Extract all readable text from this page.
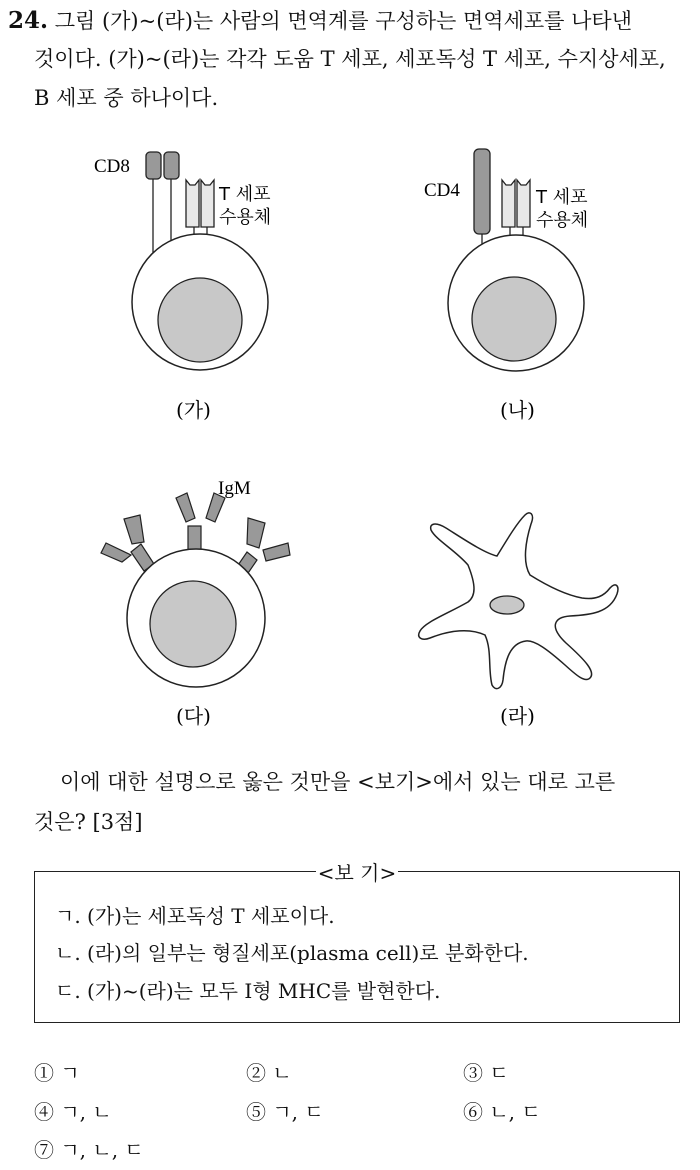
24. 그림 (가)~(라)는 사람의 면역계를 구성하는 면역세포를 나타낸
것이다. (가)~(라)는 각각 도움 T 세포, 세포독성 T 세포, 수지상세포,
B 세포 중 하나이다.
CD8
T 세포
수용체
(가)
CD4	T 세포
수용체
(나)
IgM
(다)	(라)
이에 대한 설명으로 옳은 것만을 <보기>에서 있는 대로 고른
것은? [3점]
<보 기>
ㄱ. (가)는 세포독성 T 세포이다.
ㄴ. (라)의 일부는 형질세포(plasma cell)로 분화한다.
ㄷ. (가)~(라)는 모두 I형 MHC를 발현한다.
① ㄱ	② ㄴ	③ ㄷ
④ ㄱ, ㄴ	⑤ ㄱ, ㄷ	⑥ ㄴ, ㄷ
⑦ ㄱ, ㄴ, ㄷ
